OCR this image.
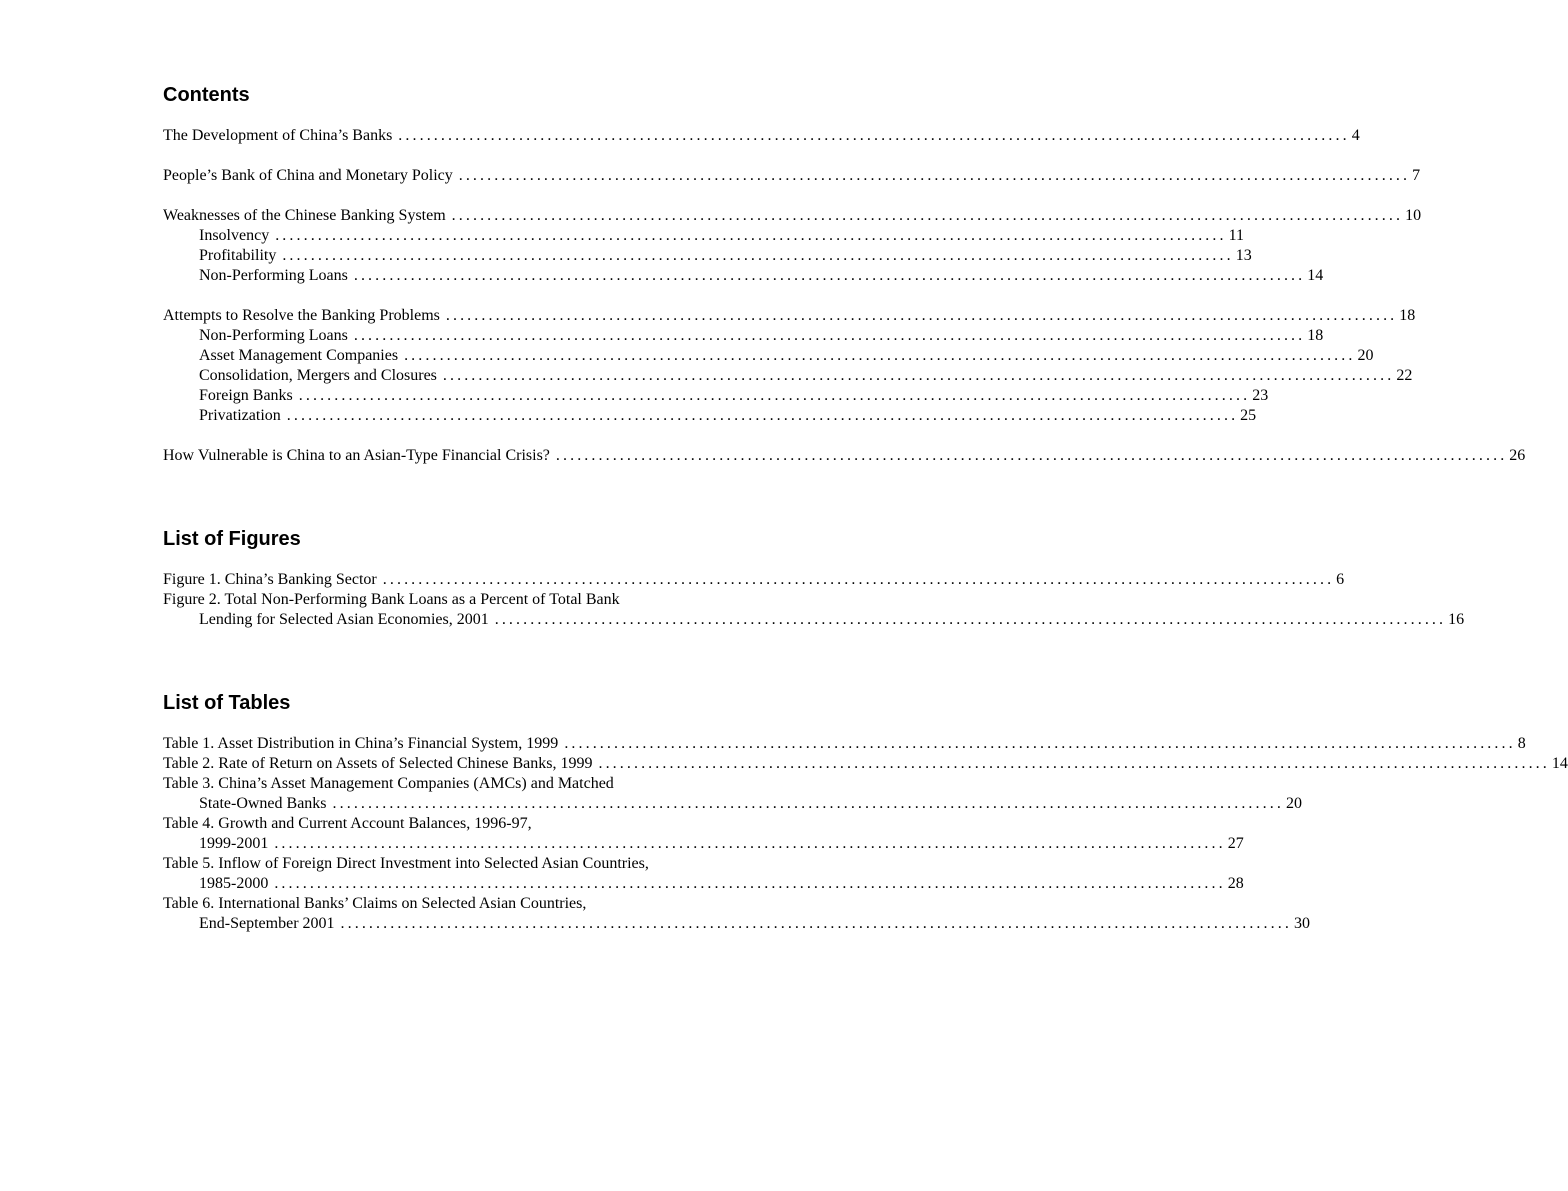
Contents
The Development of China’s Banks ...................................................................................................................................... 4
People’s Bank of China and Monetary Policy ...................................................................................................................................... 7
Weaknesses of the Chinese Banking System ...................................................................................................................................... 10
Insolvency ...................................................................................................................................... 11
Profitability ...................................................................................................................................... 13
Non-Performing Loans ...................................................................................................................................... 14
Attempts to Resolve the Banking Problems ...................................................................................................................................... 18
Non-Performing Loans ...................................................................................................................................... 18
Asset Management Companies ...................................................................................................................................... 20
Consolidation, Mergers and Closures ...................................................................................................................................... 22
Foreign Banks ...................................................................................................................................... 23
Privatization ...................................................................................................................................... 25
How Vulnerable is China to an Asian-Type Financial Crisis? ...................................................................................................................................... 26
List of Figures
Figure 1. China’s Banking Sector ...................................................................................................................................... 6
Figure 2. Total Non-Performing Bank Loans as a Percent of Total Bank
Lending for Selected Asian Economies, 2001 ...................................................................................................................................... 16
List of Tables
Table 1. Asset Distribution in China’s Financial System, 1999 ...................................................................................................................................... 8
Table 2. Rate of Return on Assets of Selected Chinese Banks, 1999 ...................................................................................................................................... 14
Table 3. China’s Asset Management Companies (AMCs) and Matched
State-Owned Banks ...................................................................................................................................... 20
Table 4. Growth and Current Account Balances, 1996-97,
1999-2001 ...................................................................................................................................... 27
Table 5. Inflow of Foreign Direct Investment into Selected Asian Countries,
1985-2000 ...................................................................................................................................... 28
Table 6. International Banks’ Claims on Selected Asian Countries,
End-September 2001 ...................................................................................................................................... 30
